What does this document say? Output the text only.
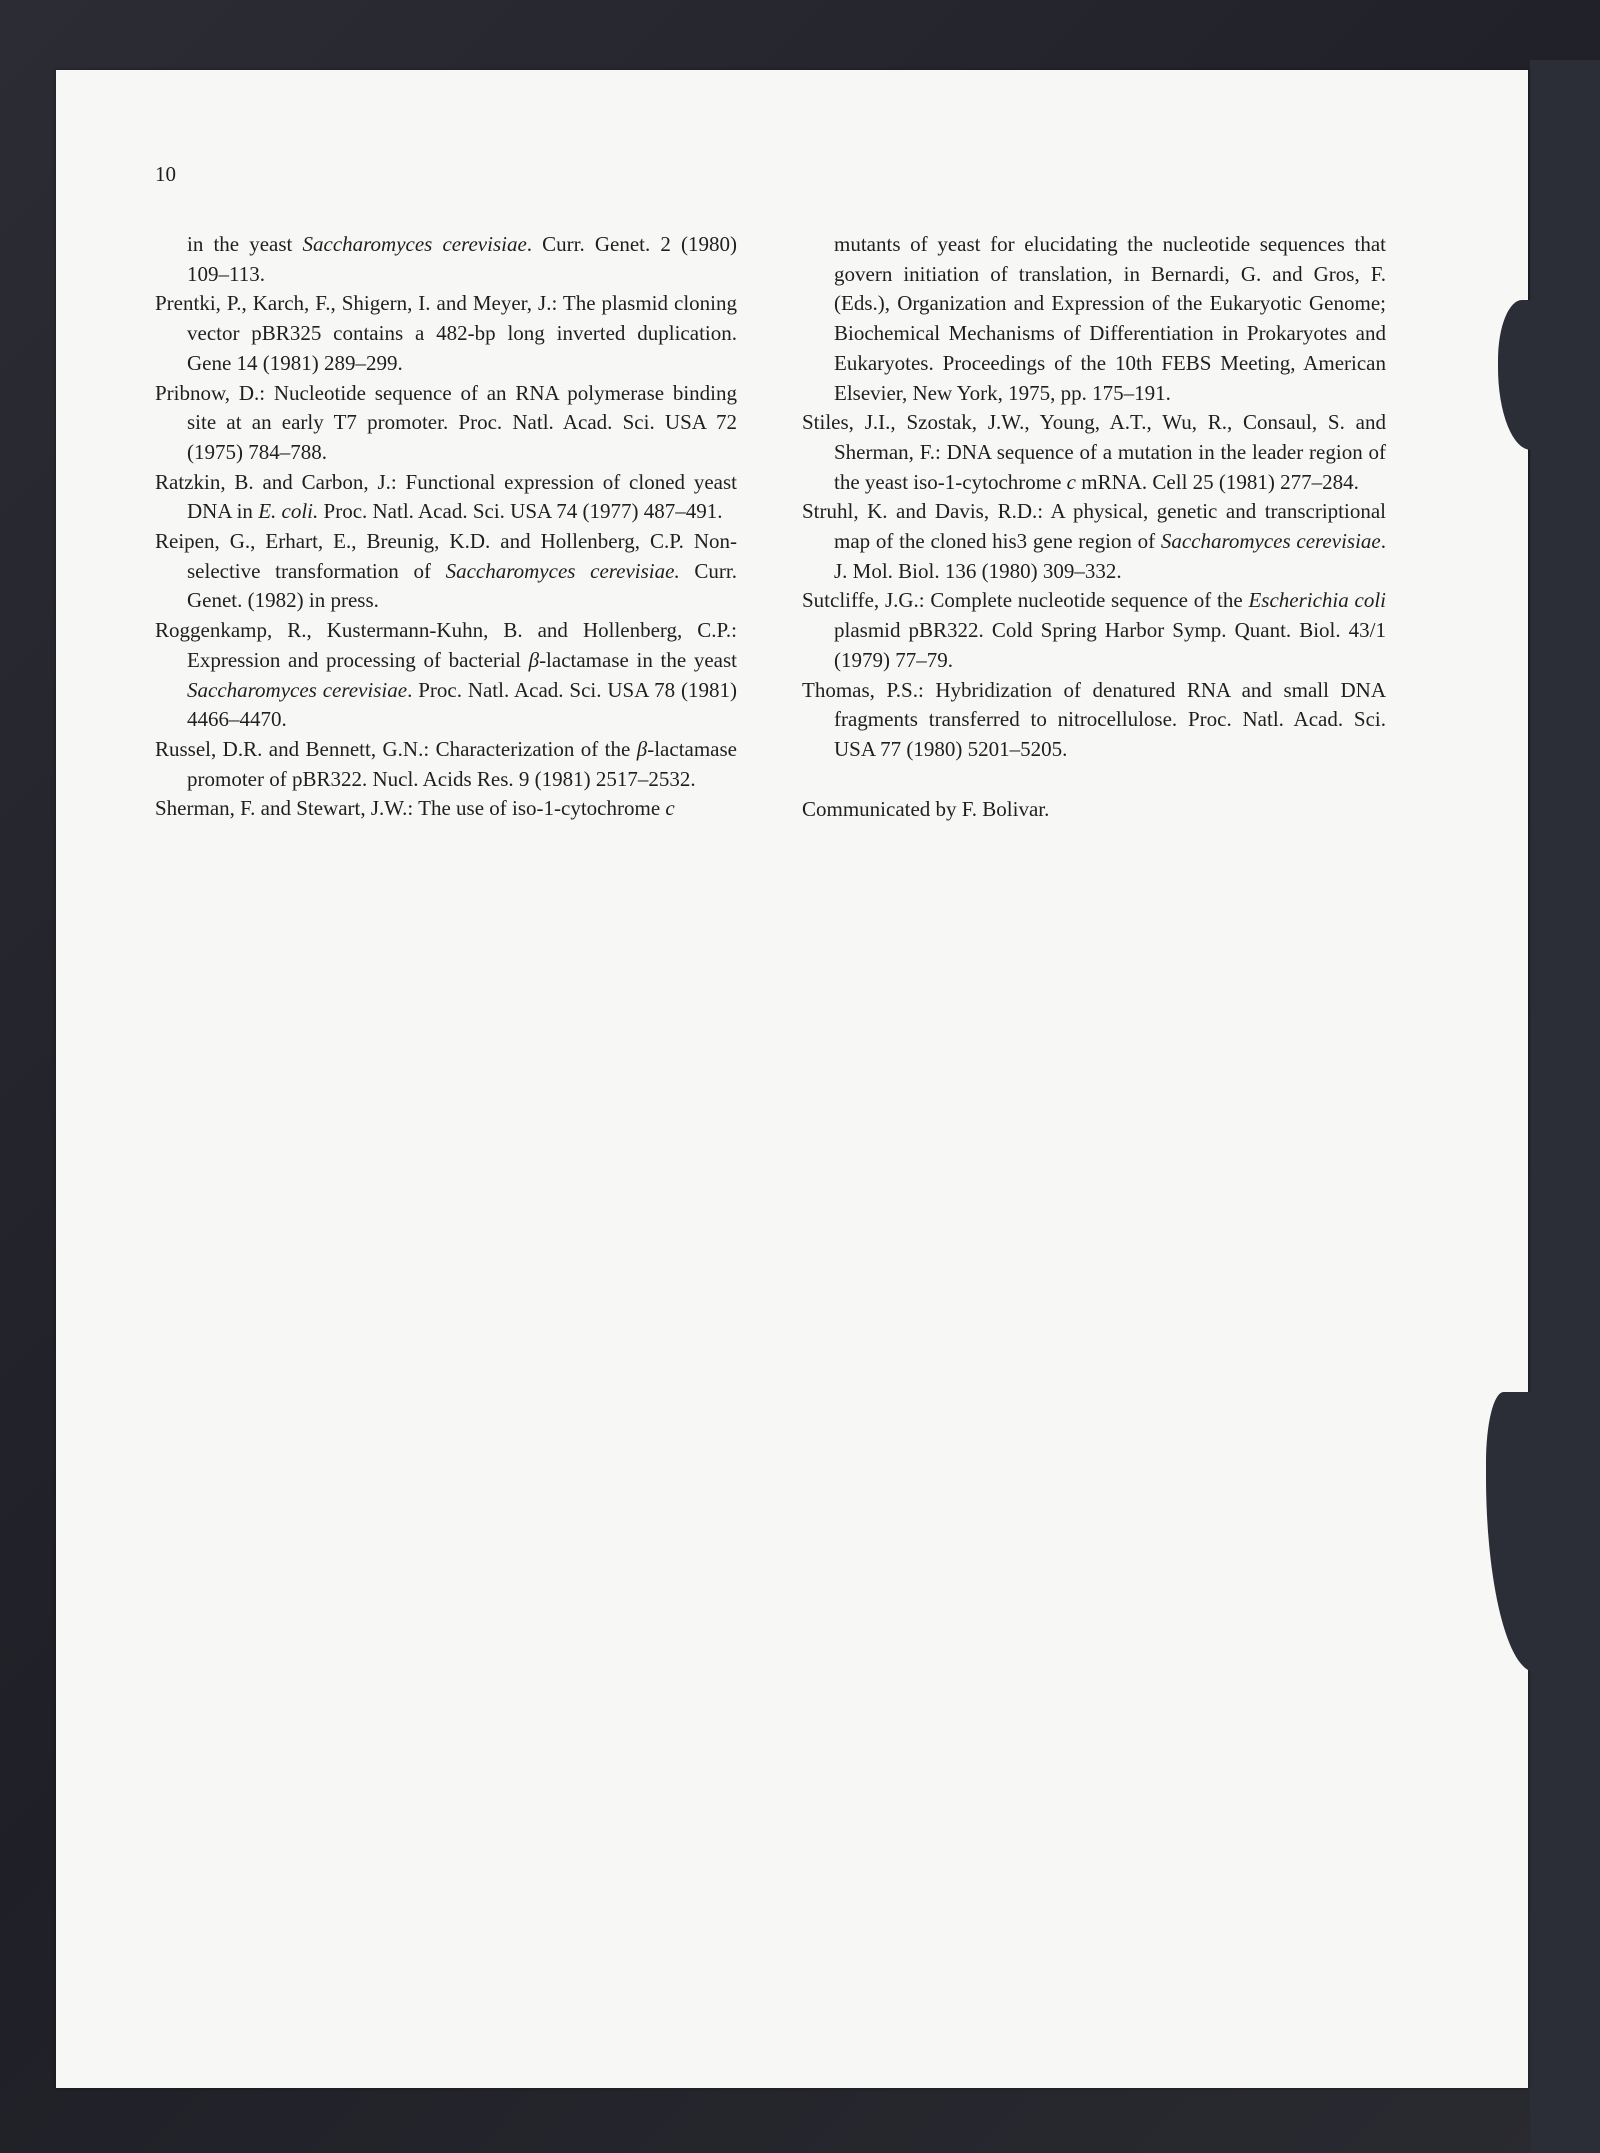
10

in the yeast Saccharomyces cerevisiae. Curr. Genet. 2 (1980) 109–113.

Prentki, P., Karch, F., Shigern, I. and Meyer, J.: The plasmid cloning vector pBR325 contains a 482-bp long inverted duplication. Gene 14 (1981) 289–299.

Pribnow, D.: Nucleotide sequence of an RNA polymerase binding site at an early T7 promoter. Proc. Natl. Acad. Sci. USA 72 (1975) 784–788.

Ratzkin, B. and Carbon, J.: Functional expression of cloned yeast DNA in E. coli. Proc. Natl. Acad. Sci. USA 74 (1977) 487–491.

Reipen, G., Erhart, E., Breunig, K.D. and Hollenberg, C.P. Non-selective transformation of Saccharomyces cerevisiae. Curr. Genet. (1982) in press.

Roggenkamp, R., Kustermann-Kuhn, B. and Hollenberg, C.P.: Expression and processing of bacterial β-lactamase in the yeast Saccharomyces cerevisiae. Proc. Natl. Acad. Sci. USA 78 (1981) 4466–4470.

Russel, D.R. and Bennett, G.N.: Characterization of the β-lactamase promoter of pBR322. Nucl. Acids Res. 9 (1981) 2517–2532.

Sherman, F. and Stewart, J.W.: The use of iso-1-cytochrome c

mutants of yeast for elucidating the nucleotide sequences that govern initiation of translation, in Bernardi, G. and Gros, F. (Eds.), Organization and Expression of the Eukaryotic Genome; Biochemical Mechanisms of Differentiation in Prokaryotes and Eukaryotes. Proceedings of the 10th FEBS Meeting, American Elsevier, New York, 1975, pp. 175–191.

Stiles, J.I., Szostak, J.W., Young, A.T., Wu, R., Consaul, S. and Sherman, F.: DNA sequence of a mutation in the leader region of the yeast iso-1-cytochrome c mRNA. Cell 25 (1981) 277–284.

Struhl, K. and Davis, R.D.: A physical, genetic and transcriptional map of the cloned his3 gene region of Saccharomyces cerevisiae. J. Mol. Biol. 136 (1980) 309–332.

Sutcliffe, J.G.: Complete nucleotide sequence of the Escherichia coli plasmid pBR322. Cold Spring Harbor Symp. Quant. Biol. 43/1 (1979) 77–79.

Thomas, P.S.: Hybridization of denatured RNA and small DNA fragments transferred to nitrocellulose. Proc. Natl. Acad. Sci. USA 77 (1980) 5201–5205.

Communicated by F. Bolivar.
